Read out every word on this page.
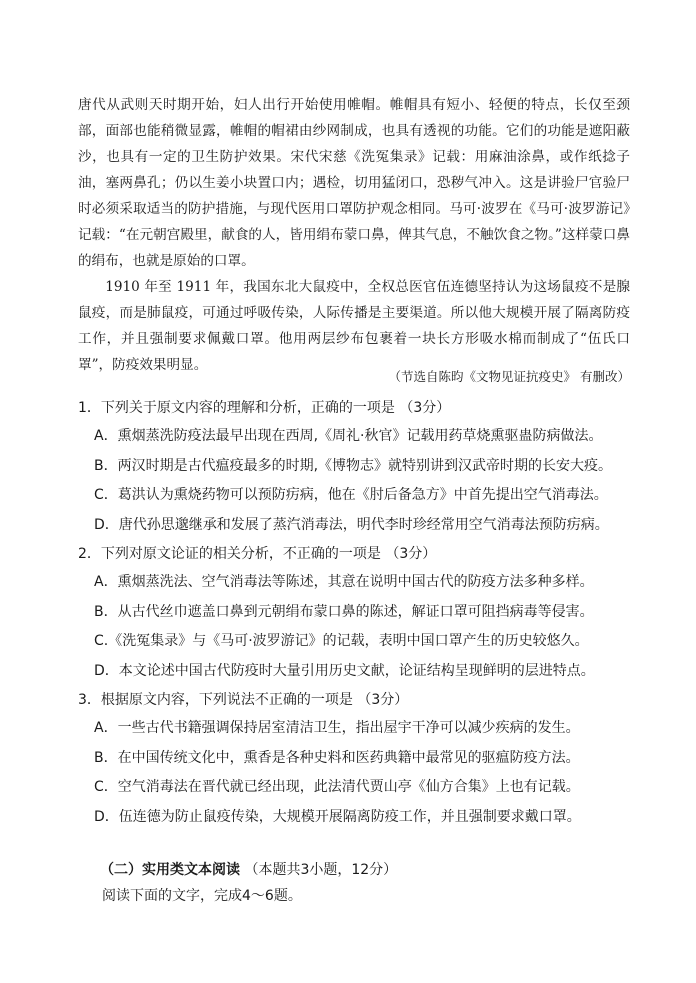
唐代从武则天时期开始，妇人出行开始使用帷帽。帷帽具有短小、轻便的特点，长仅至颈部，面部也能稍微显露，帷帽的帽裙由纱网制成，也具有透视的功能。它们的功能是遮阳蔽沙，也具有一定的卫生防护效果。宋代宋慈《洗冤集录》记载：用麻油涂鼻，或作纸捻子油，塞两鼻孔；仍以生姜小块置口内；遇检，切用猛闭口，恐秽气冲入。这是讲验尸官验尸时必须采取适当的防护措施，与现代医用口罩防护观念相同。马可·波罗在《马可·波罗游记》记载：“在元朝宫殿里，献食的人，皆用绢布蒙口鼻，俾其气息，不触饮食之物。”这样蒙口鼻的绢布，也就是原始的口罩。

1910 年至 1911 年，我国东北大鼠疫中，全权总医官伍连德坚持认为这场鼠疫不是腺鼠疫，而是肺鼠疫，可通过呼吸传染，人际传播是主要渠道。所以他大规模开展了隔离防疫工作，并且强制要求佩戴口罩。他用两层纱布包裹着一块长方形吸水棉而制成了“伍氏口罩”，防疫效果明显。

（节选自陈昀《文物见证抗疫史》 有删改）
1．下列关于原文内容的理解和分析，正确的一项是 （3分）
A．熏烟蒸洗防疫法最早出现在西周,《周礼·秋官》记载用药草烧熏驱蛊防病做法。
B．两汉时期是古代瘟疫最多的时期,《博物志》就特别讲到汉武帝时期的长安大疫。
C．葛洪认为熏烧药物可以预防疠病，他在《肘后备急方》中首先提出空气消毒法。
D．唐代孙思邈继承和发展了蒸汽消毒法，明代李时珍经常用空气消毒法预防疠病。
2．下列对原文论证的相关分析，不正确的一项是 （3分）
A．熏烟蒸洗法、空气消毒法等陈述，其意在说明中国古代的防疫方法多种多样。
B．从古代丝巾遮盖口鼻到元朝绢布蒙口鼻的陈述，解证口罩可阻挡病毒等侵害。
C.《洗冤集录》与《马可·波罗游记》的记载，表明中国口罩产生的历史较悠久。
D．本文论述中国古代防疫时大量引用历史文献，论证结构呈现鲜明的层进特点。
3．根据原文内容，下列说法不正确的一项是 （3分）
A．一些古代书籍强调保持居室清洁卫生，指出屋宇干净可以减少疾病的发生。
B．在中国传统文化中，熏香是各种史料和医药典籍中最常见的驱瘟防疫方法。
C．空气消毒法在晋代就已经出现，此法清代贾山亭《仙方合集》上也有记载。
D．伍连德为防止鼠疫传染，大规模开展隔离防疫工作，并且强制要求戴口罩。
（二）实用类文本阅读 （本题共3小题，12分）
阅读下面的文字，完成4～6题。
